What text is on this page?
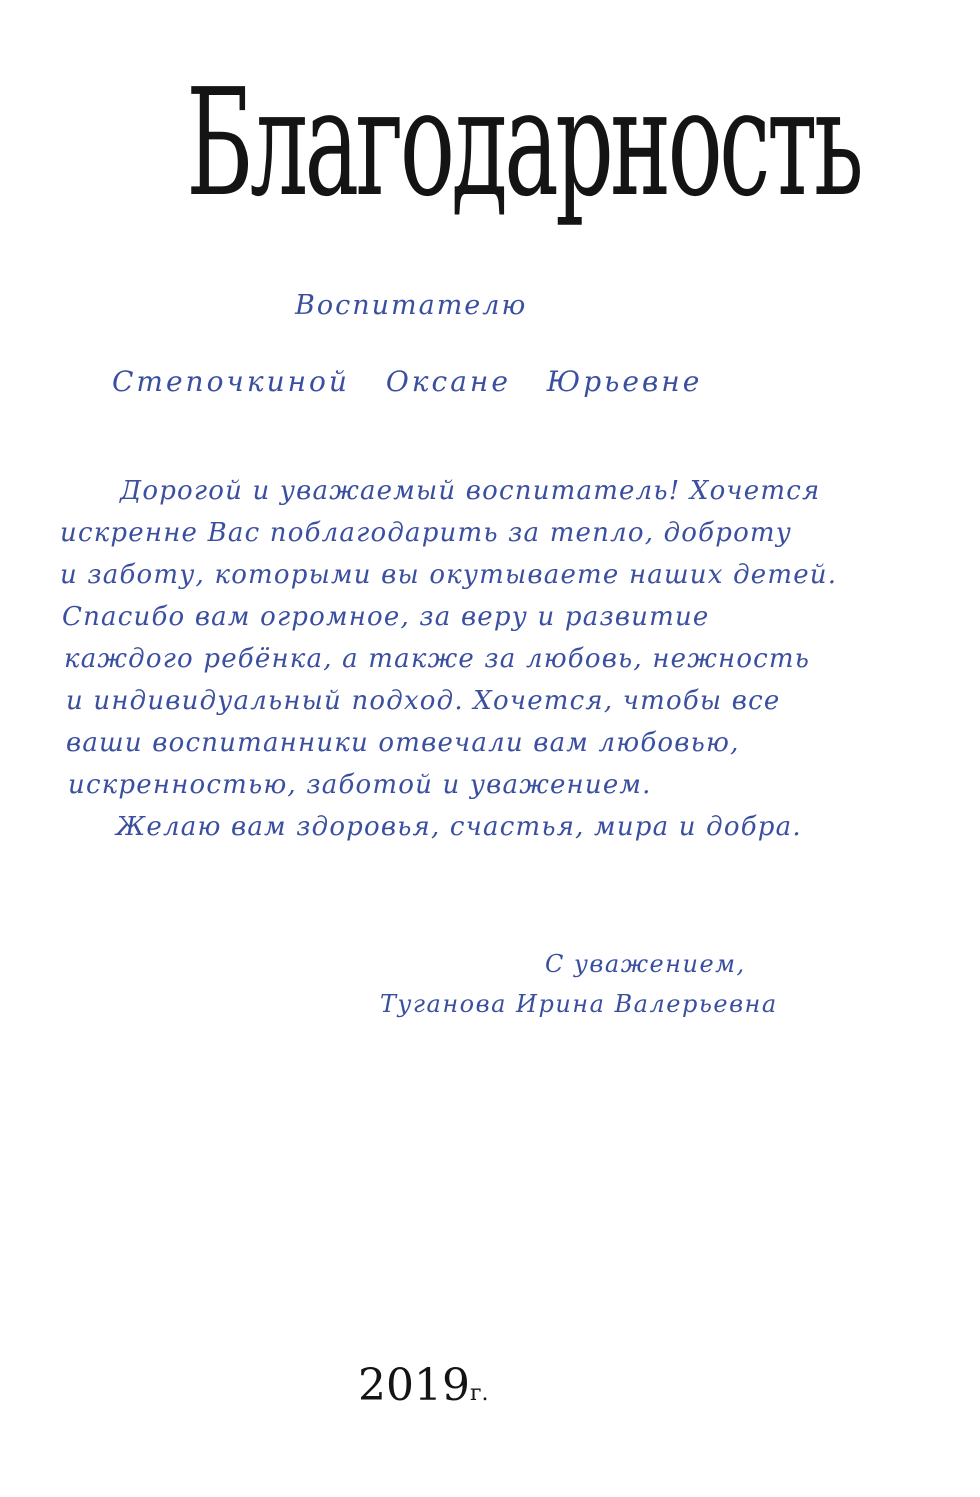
Благодарность
Воспитателю
Степочкиной Оксане Юрьевне
Дорогой и уважаемый воспитатель! Хочется
искренне Вас поблагодарить за тепло, доброту
и заботу, которыми вы окутываете наших детей.
Спасибо вам огромное, за веру и развитие
каждого ребёнка, а также за любовь, нежность
и индивидуальный подход. Хочется, чтобы все
ваши воспитанники отвечали вам любовью,
искренностью, заботой и уважением.
Желаю вам здоровья, счастья, мира и добра.
С уважением,
Туганова Ирина Валерьевна
2019г.
